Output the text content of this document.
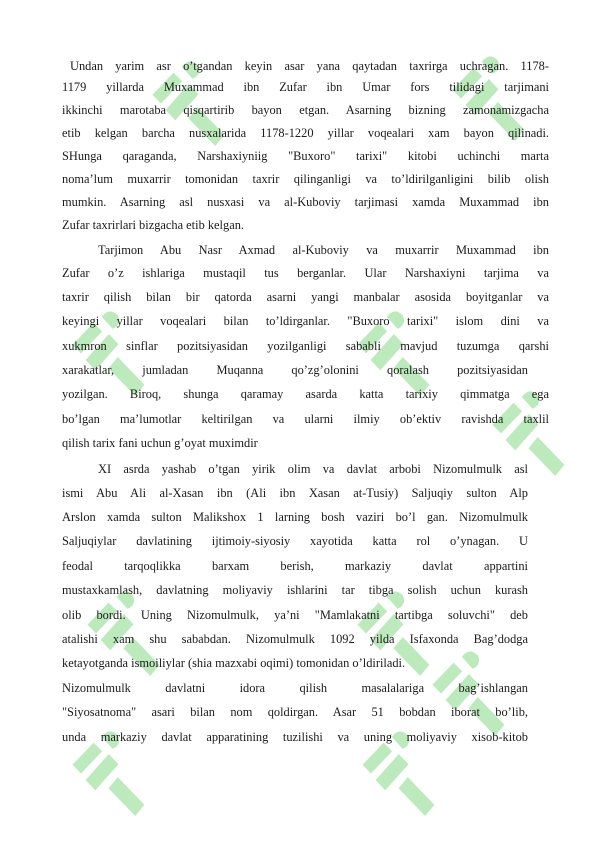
Undan yarim asr o’tgandan keyin asar yana qaytadan taxrirga uchragan. 1178-
1179 yillarda Muxammad ibn Zufar ibn Umar fors tilidagi tarjimani
ikkinchi marotaba qisqartirib bayon etgan. Asarning bizning zamonamizgacha
etib kelgan barcha nusxalarida 1178-1220 yillar voqealari xam bayon qilinadi.
SHunga qaraganda, Narshaxiyniig "Buxoro" tarixi" kitobi uchinchi marta
noma’lum muxarrir tomonidan taxrir qilinganligi va to’ldirilganligini bilib olish
mumkin. Asarning asl nusxasi va al-Kuboviy tarjimasi xamda Muxammad ibn
Zufar taxrirlari bizgacha etib kelgan.
Tarjimon Abu Nasr Axmad al-Kuboviy va muxarrir Muxammad ibn
Zufar o’z ishlariga mustaqil tus berganlar. Ular Narshaxiyni tarjima va
taxrir qilish bilan bir qatorda asarni yangi manbalar asosida boyitganlar va
keyingi yillar voqealari bilan to’ldirganlar. "Buxoro tarixi" islom dini va
xukmron sinflar pozitsiyasidan yozilganligi sababli mavjud tuzumga qarshi
xarakatlar, jumladan Muqanna qo’zg’olonini qoralash pozitsiyasidan
yozilgan. Biroq, shunga qaramay asarda katta tarixiy qimmatga ega
bo’lgan ma’lumotlar keltirilgan va ularni ilmiy ob’ektiv ravishda taxlil
qilish tarix fani uchun g’oyat muximdir
XI asrda yashab o’tgan yirik olim va davlat arbobi Nizomulmulk asl
ismi Abu Ali al-Xasan ibn (Ali ibn Xasan at-Tusiy) Saljuqiy sulton Alp
Arslon xamda sulton Malikshox 1 larning bosh vaziri bo’l gan. Nizomulmulk
Saljuqiylar davlatining ijtimoiy-siyosiy xayotida katta rol o’ynagan. U
feodal tarqoqlikka barxam berish, markaziy davlat appartini
mustaxkamlash, davlatning moliyaviy ishlarini tar tibga solish uchun kurash
olib bordi. Uning Nizomulmulk, ya’ni "Mamlakatni tartibga soluvchi" deb
atalishi xam shu sababdan. Nizomulmulk 1092 yilda Isfaxonda Bag’dodga
ketayotganda ismoiliylar (shia mazxabi oqimi) tomonidan o’ldiriladi.
Nizomulmulk davlatni idora qilish masalalariga bag’ishlangan
"Siyosatnoma" asari bilan nom qoldirgan. Asar 51 bobdan iborat bo’lib,
unda markaziy davlat apparatining tuzilishi va uning moliyaviy xisob-kitob
